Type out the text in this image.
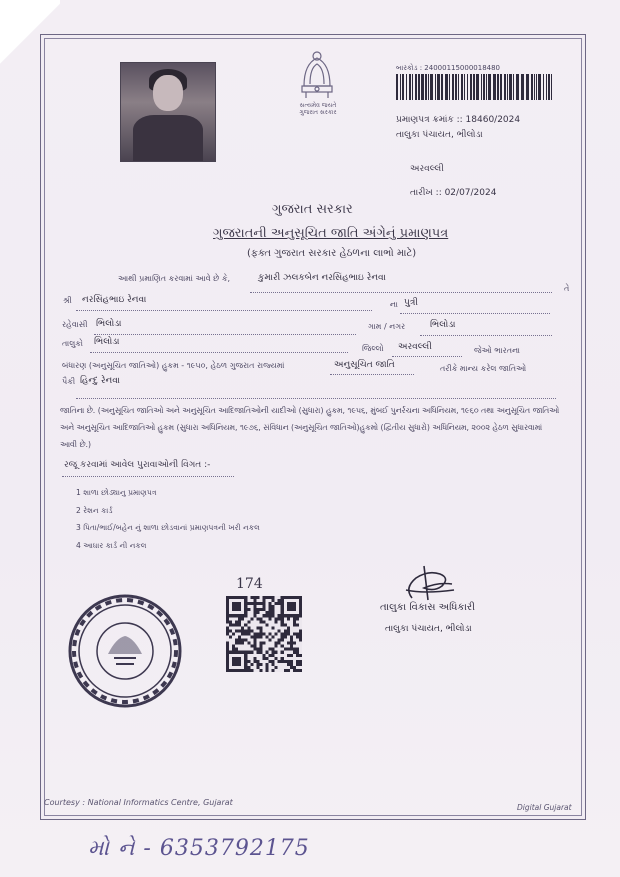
સત્યમેવ જયતે
ગુજરાત સરકાર
બારકોડ : 24000115000018480
પ્રમાણપત્ર ક્રમાંક :: 18460/2024
તાલુકા પંચાયત, ભીલોડા
અરવલ્લી
તારીખ :: 02/07/2024
ગુજરાત સરકાર
ગુજરાતની અનુસૂચિત જાતિ અંગેનું પ્રમાણપત્ર
(ફક્ત ગુજરાત સરકાર હેઠળના લાભો માટે)
આથી પ્રમાણિત કરવામાં આવે છે કે,	કુમારી ઝલકબેન નરસિંહભાઇ રેનવા
તે
શ્રી નરસિંહભાઇ રેનવા	ના પુત્રી
રહેવાસી ભિલોડા	ગામ / નગર	ભિલોડા
તાલુકો ભિલોડા
જિલ્લો અરવલ્લી	જેઓ ભારતના
બંધારણ (અનુસૂચિત જાતિઓ) હુકમ - ૧૯૫૦, હેઠળ ગુજરાત રાજ્યમાં	અનુસૂચિત જાતિ	તરીકે માન્ય કરેલ જાતિઓ
પૈકી હિન્દુ રેનવા
જાતિના છે. (અનુસૂચિત જાતિઓ અને અનુસૂચિત આદિજાતિઓની યાદીઓ (સુધારા) હુકમ, ૧૯૫૬, મુંબઈ પુનર્રચના અધિનિયમ, ૧૯૬૦ તથા અનુસૂચિત જાતિઓ અને અનુસૂચિત આદિજાતિઓ હુકમ (સુધારા અધિનિયમ, ૧૯૭૬, સંવિધાન (અનુસૂચિત જાતિઓ)હુકમો (દ્વિતીય સુધારો) અધિનિયમ, ૨૦૦૨ હેઠળ સુધારવામાં આવી છે.)
રજૂ કરવામાં આવેલ પુરાવાઓની વિગત :-
1 શાળા છોડ્યાનુ પ્રમાણપત્ર
2 રેશન કાર્ડ
3 પિતા/ભાઈ/બહેન નું શાળા છોડવાનાં પ્રમાણપત્રની ખરી નકલ
4 આધાર કાર્ડ ની નકલ
174
તાલુકા વિકાસ અધિકારી
તાલુકા પંચાયત, ભીલોડા
Courtesy : National Informatics Centre, Gujarat
Digital Gujarat
મો ને - 6353792175
